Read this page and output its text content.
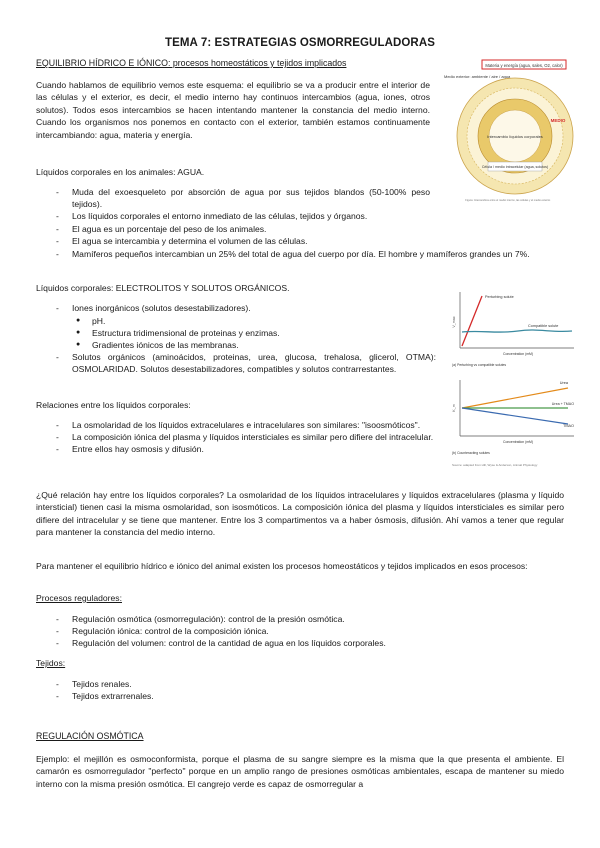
TEMA 7: ESTRATEGIAS OSMORREGULADORAS
EQUILIBRIO HÍDRICO E IÓNICO: procesos homeostáticos y tejidos implicados
Cuando hablamos de equilibrio vemos este esquema: el equilibrio se va a producir entre el interior de las células y el exterior, es decir, el medio interno hay continuos intercambios (agua, iones, otros solutos). Todos esos intercambios se hacen intentando mantener la constancia del medio interno. Cuando los organismos nos ponemos en contacto con el exterior, también estamos continuamente intercambiando: agua, materia y energía.
Líquidos corporales en los animales: AGUA.
- Muda del exoesqueleto por absorción de agua por sus tejidos blandos (50-100% peso tejidos).
- Los líquidos corporales el entorno inmediato de las células, tejidos y órganos.
- El agua es un porcentaje del peso de los animales.
- El agua se intercambia y determina el volumen de las células.
- Mamíferos pequeños intercambian un 25% del total de agua del cuerpo por día. El hombre y mamíferos grandes un 7%.
Líquidos corporales: ELECTROLITOS Y SOLUTOS ORGÁNICOS.
- Iones inorgánicos (solutos desestabilizadores).
● pH.
● Estructura tridimensional de proteinas y enzimas.
● Gradientes iónicos de las membranas.
- Solutos orgánicos (aminoácidos, proteinas, urea, glucosa, trehalosa, glicerol, OTMA): OSMOLARIDAD. Solutos desestabilizadores, compatibles y solutos contrarrestantes.
Relaciones entre los líquidos corporales:
- La osmolaridad de los líquidos extracelulares e intracelulares son similares: "isoosmóticos".
- La composición iónica del plasma y líquidos intersticiales es similar pero difiere del intracelular.
- Entre ellos hay osmosis y difusión.
¿Qué relación hay entre los líquidos corporales? La osmolaridad de los líquidos intracelulares y líquidos extracelulares (plasma y líquido intersticial) tienen casi la misma osmolaridad, son isosmóticos. La composición iónica del plasma y líquidos intersticiales es similar pero difiere del intracelular y se tiene que mantener. Entre los 3 compartimentos va a haber ósmosis, difusión. Ahí vamos a tener que regular para mantener la constancia del medio interno.
Para mantener el equilibrio hídrico e iónico del animal existen los procesos homeostáticos y tejidos implicados en esos procesos:
Procesos reguladores:
- Regulación osmótica (osmorregulación): control de la presión osmótica.
- Regulación iónica: control de la composición iónica.
- Regulación del volumen: control de la cantidad de agua en los líquidos corporales.
Tejidos:
- Tejidos renales.
- Tejidos extrarrenales.
REGULACIÓN OSMÓTICA
Ejemplo: el mejillón es osmoconformista, porque el plasma de su sangre siempre es la misma que la que presenta el ambiente. El camarón es osmorregulador "perfecto" porque en un amplio rango de presiones osmóticas ambientales, escapa de mantener su miedo interno con la misma presión osmótica. El cangrejo verde es capaz de osmorregular a
Materia y energía (agua, sales, O2, calor)
Medio exterior: ambiente / aire / agua
Intercambio líquidos corporales
MEDIO
Célula / medio intracelular (agua, solutos)
Figura: Intercambios entre el medio interno, las células y el medio exterior.
V_max
Perturbing solute
Compatible solute
Concentration (mM)
(a) Perturbing vs compatible solutes
K_m
Urea
Urea + TMAO
TMAO
Concentration (mM)
(b) Counteracting solutes
Source: adapted from Hill, Wyse & Anderson, Animal Physiology
